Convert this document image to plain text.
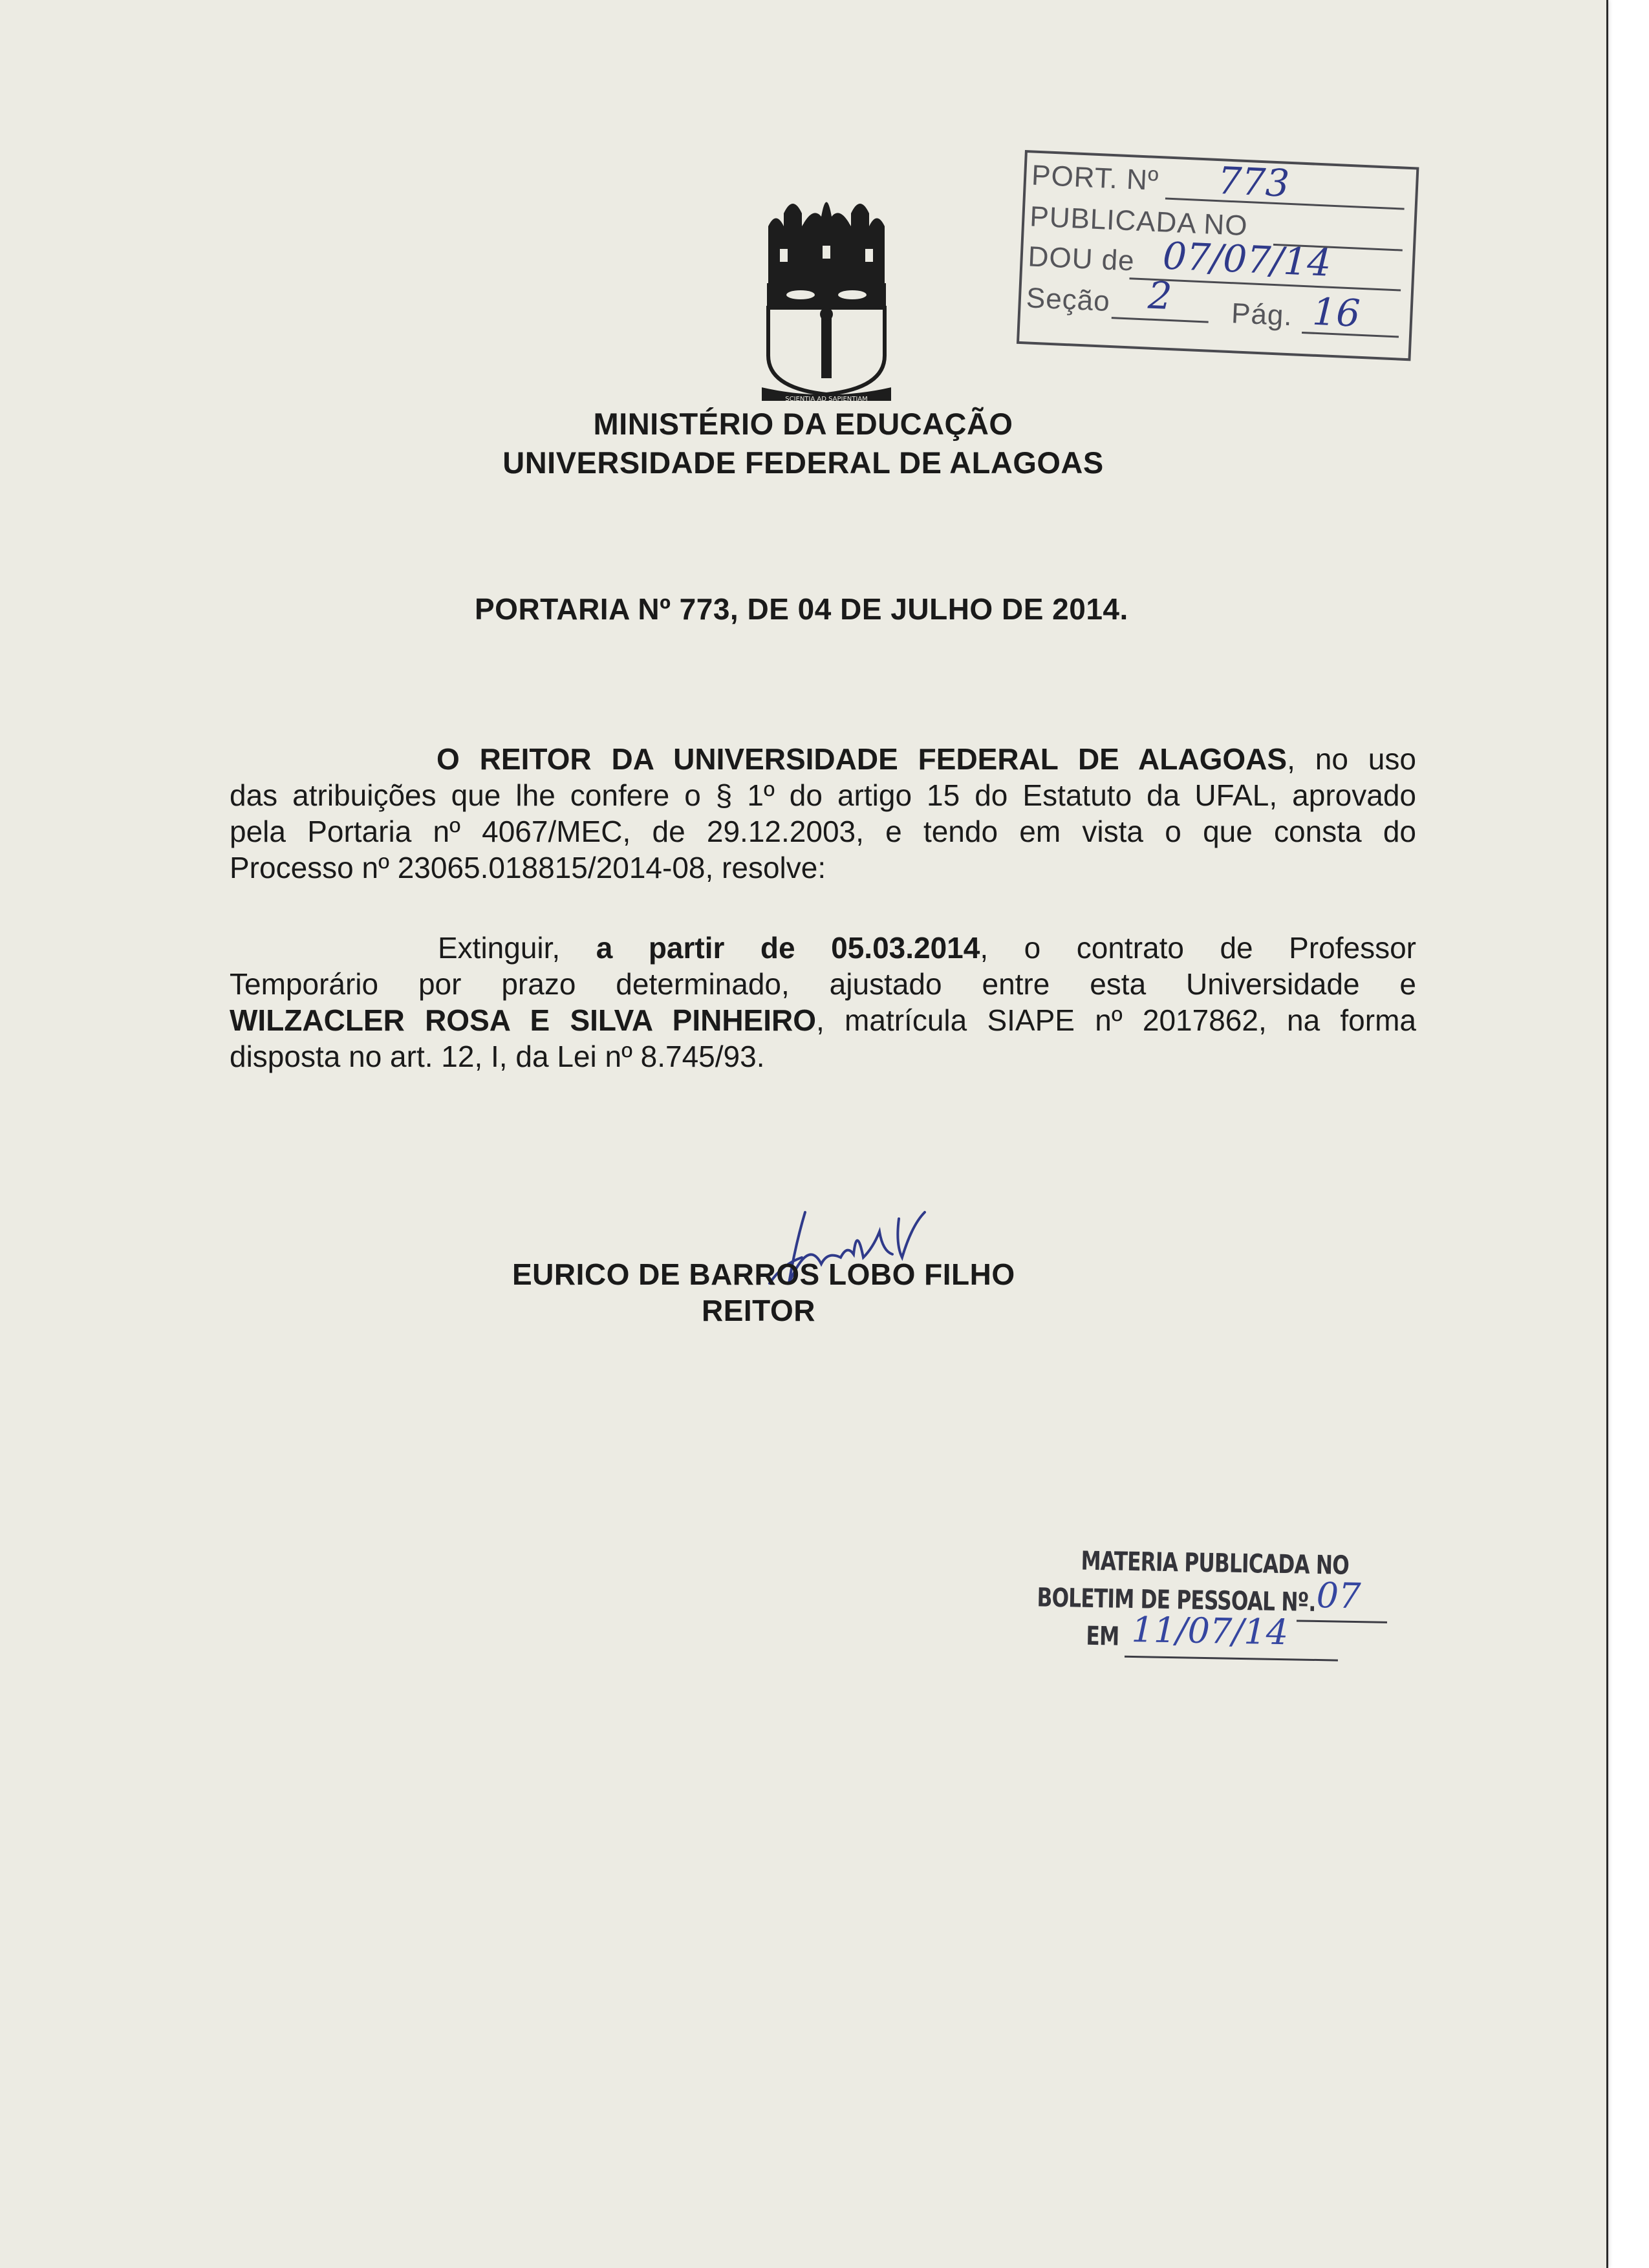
PORT. Nº 773
PUBLICADA NO
DOU de 07/07/14
Seção 2 Pág. 16
SCIENTIA AD SAPIENTIAM
MINISTÉRIO DA EDUCAÇÃO
UNIVERSIDADE FEDERAL DE ALAGOAS
PORTARIA Nº 773, DE 04 DE JULHO DE 2014.
O REITOR DA UNIVERSIDADE FEDERAL DE ALAGOAS, no uso
das atribuições que lhe confere o § 1º do artigo 15 do Estatuto da UFAL, aprovado
pela Portaria nº 4067/MEC, de 29.12.2003, e tendo em vista o que consta do
Processo nº 23065.018815/2014-08, resolve:
Extinguir, a partir de 05.03.2014, o contrato de Professor
Temporário por prazo determinado, ajustado entre esta Universidade e
WILZACLER ROSA E SILVA PINHEIRO, matrícula SIAPE nº 2017862, na forma
disposta no art. 12, I, da Lei nº 8.745/93.
EURICO DE BARROS LOBO FILHO
REITOR
MATERIA PUBLICADA NO
BOLETIM DE PESSOAL Nº. 07
EM 11/07/14
